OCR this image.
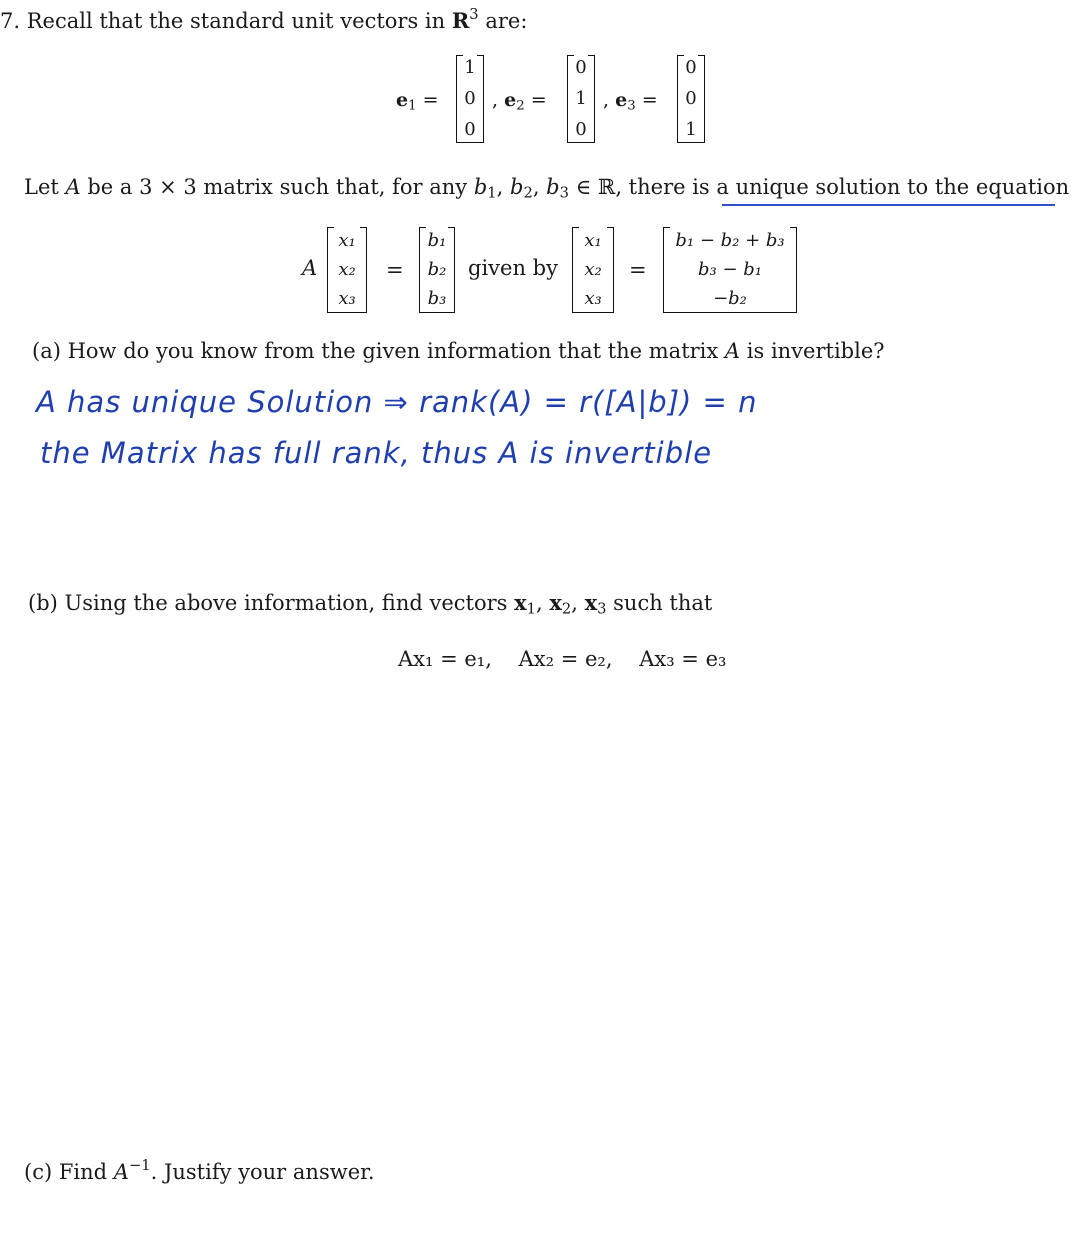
7. Recall that the standard unit vectors in $R^3$ are:
$e_1$ =
1
0
0
, $e_2$ =
0
1
0
, $e_3$ =
0
0
1
Let A be a 3 × 3 matrix such that, for any $b_1$, $b_2$, $b_3$ ∈ ℝ, there is a unique solution to the equation
A
x₁
x₂
x₃
=
b₁
b₂
b₃
given by
x₁
x₂
x₃
=
b₁ − b₂ + b₃
b₃ − b₁
−b₂
(a) How do you know from the given information that the matrix A is invertible?
A has unique Solution ⇒ rank(A) = r([A|b]) = n
the Matrix has full rank, thus A is invertible
(b) Using the above information, find vectors $x_1$, $x_2$, $x_3$ such that
Ax₁ = e₁,    Ax₂ = e₂,    Ax₃ = e₃
(c) Find $A^{-1}$. Justify your answer.
